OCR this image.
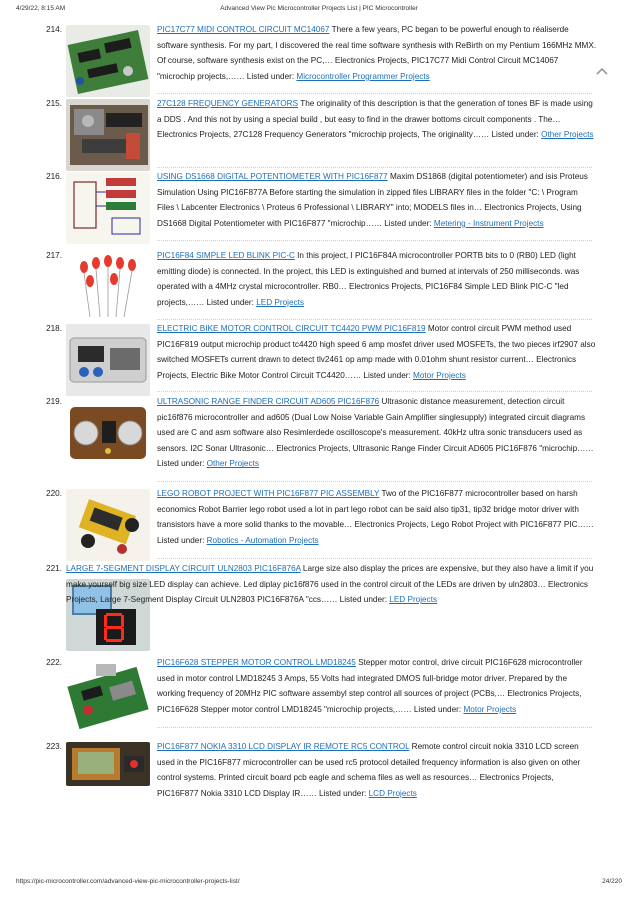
4/29/22, 8:15 AM	Advanced View Pic Microcontroller Projects List | PIC Microcontroller
214.	PIC17C77 MIDI CONTROL CIRCUIT MC14067 There a few years, PC began to be powerful enough to réaliserde software synthesis. For my part, I discovered the real time software synthesis with ReBirth on my Pentium 166MHz MMX. Of course, software synthesis exist on the PC,… Electronics Projects, PIC17C77 Midi Control Circuit MC14067 "microchip projects,…… Listed under: Microcontroller Programmer Projects
215.	27C128 FREQUENCY GENERATORS The originality of this description is that the generation of tones BF is made using a DDS . And this not by using a special build , but easy to find in the drawer bottoms circuit components . The… Electronics Projects, 27C128 Frequency Generators "microchip projects, The originality…… Listed under: Other Projects
216.	USING DS1668 DIGITAL POTENTIOMETER WITH PIC16F877 Maxim DS1868 (digital potentiometer) and isis Proteus Simulation Using PIC16F877A Before starting the simulation in zipped files LIBRARY files in the folder "C: \ Program Files \ Labcenter Electronics \ Proteus 6 Professional \ LIBRARY" into; MODELS files in… Electronics Projects, Using DS1668 Digital Potentiometer with PIC16F877 "microchip…… Listed under: Metering - Instrument Projects
217.	PIC16F84 SIMPLE LED BLINK PIC-C In this project, I PIC16F84A microcontroller PORTB bits to 0 (RB0) LED (light emitting diode) is connected. In the project, this LED is extinguished and burned at intervals of 250 milliseconds. was operated with a 4MHz crystal microcontroller. RB0… Electronics Projects, PIC16F84 Simple LED Blink PIC-C "led projects,…… Listed under: LED Projects
218.	ELECTRIC BIKE MOTOR CONTROL CIRCUIT TC4420 PWM PIC16F819 Motor control circuit PWM method used PIC16F819 output microchip product tc4420 high speed 6 amp mosfet driver used MOSFETs, the two pieces irf2907 also switched MOSFETs current drawn to detect tlv2461 op amp made with 0.01ohm shunt resistor current… Electronics Projects, Electric Bike Motor Control Circuit TC4420…… Listed under: Motor Projects
219.	ULTRASONIC RANGE FINDER CIRCUIT AD605 PIC16F876 Ultrasonic distance measurement, detection circuit pic16f876 microcontroller and ad605 (Dual Low Noise Variable Gain Amplifier singlesupply) integrated circuit diagrams used are C and asm software also Resimlerdede oscilloscope's measurement. 40kHz ultra sonic transducers used as sensors. I2C Sonar Ultrasonic… Electronics Projects, Ultrasonic Range Finder Circuit AD605 PIC16F876 "microchip…… Listed under: Other Projects
220.	LEGO ROBOT PROJECT WITH PIC16F877 PIC ASSEMBLY Two of the PIC16F877 microcontroller based on harsh economics Robot Barrier lego robot used a lot in part lego robot can be said also tip31, tip32 bridge motor driver with transistors have a more solid thanks to the movable… Electronics Projects, Lego Robot Project with PIC16F877 PIC…… Listed under: Robotics - Automation Projects
221. LARGE 7-SEGMENT DISPLAY CIRCUIT ULN2803 PIC16F876A Large size also display the prices are expensive, but they also have a limit if you make yourself big size LED display can achieve. Led diplay pic16f876 used in the control circuit of the LEDs are driven by uln2803… Electronics Projects, Large 7-Segment Display Circuit ULN2803 PIC16F876A "ccs…… Listed under: LED Projects
222.	PIC16F628 STEPPER MOTOR CONTROL LMD18245 Stepper motor control, drive circuit PIC16F628 microcontroller used in motor control LMD18245 3 Amps, 55 Volts had integrated DMOS full-bridge motor driver. Prepared by the working frequency of 20MHz PIC software assembyl step control all sources of project (PCBs,… Electronics Projects, PIC16F628 Stepper motor control LMD18245 "microchip projects,…… Listed under: Motor Projects
223.	PIC16F877 NOKIA 3310 LCD DISPLAY IR REMOTE RC5 CONTROL Remote control circuit nokia 3310 LCD screen used in the PIC16F877 microcontroller can be used rc5 protocol detailed frequency information is also given on other control systems. Printed circuit board pcb eagle and schema files as well as resources… Electronics Projects, PIC16F877 Nokia 3310 LCD Display IR…… Listed under: LCD Projects
https://pic-microcontroller.com/advanced-view-pic-microcontroller-projects-list/	24/220
